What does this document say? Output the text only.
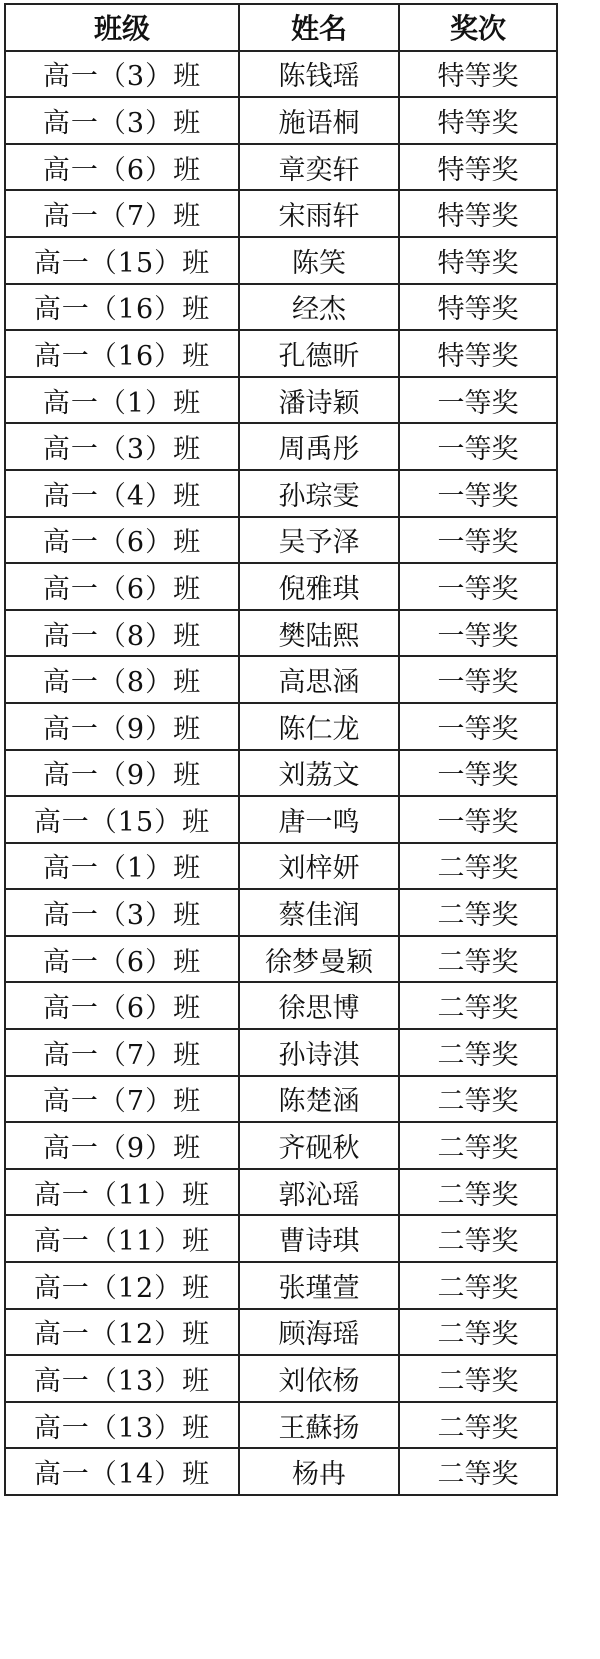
班级	姓名	奖次
高一（3）班	陈钱瑶	特等奖
高一（3）班	施语桐	特等奖
高一（6）班	章奕轩	特等奖
高一（7）班	宋雨轩	特等奖
高一（15）班	陈笑	特等奖
高一（16）班	经杰	特等奖
高一（16）班	孔德昕	特等奖
高一（1）班	潘诗颖	一等奖
高一（3）班	周禹彤	一等奖
高一（4）班	孙琮雯	一等奖
高一（6）班	吴予泽	一等奖
高一（6）班	倪雅琪	一等奖
高一（8）班	樊陆熙	一等奖
高一（8）班	高思涵	一等奖
高一（9）班	陈仁龙	一等奖
高一（9）班	刘荔文	一等奖
高一（15）班	唐一鸣	一等奖
高一（1）班	刘梓妍	二等奖
高一（3）班	蔡佳润	二等奖
高一（6）班	徐梦曼颖	二等奖
高一（6）班	徐思博	二等奖
高一（7）班	孙诗淇	二等奖
高一（7）班	陈楚涵	二等奖
高一（9）班	齐砚秋	二等奖
高一（11）班	郭沁瑶	二等奖
高一（11）班	曹诗琪	二等奖
高一（12）班	张瑾萱	二等奖
高一（12）班	顾海瑶	二等奖
高一（13）班	刘依杨	二等奖
高一（13）班	王蘇扬	二等奖
高一（14）班	杨冉	二等奖
